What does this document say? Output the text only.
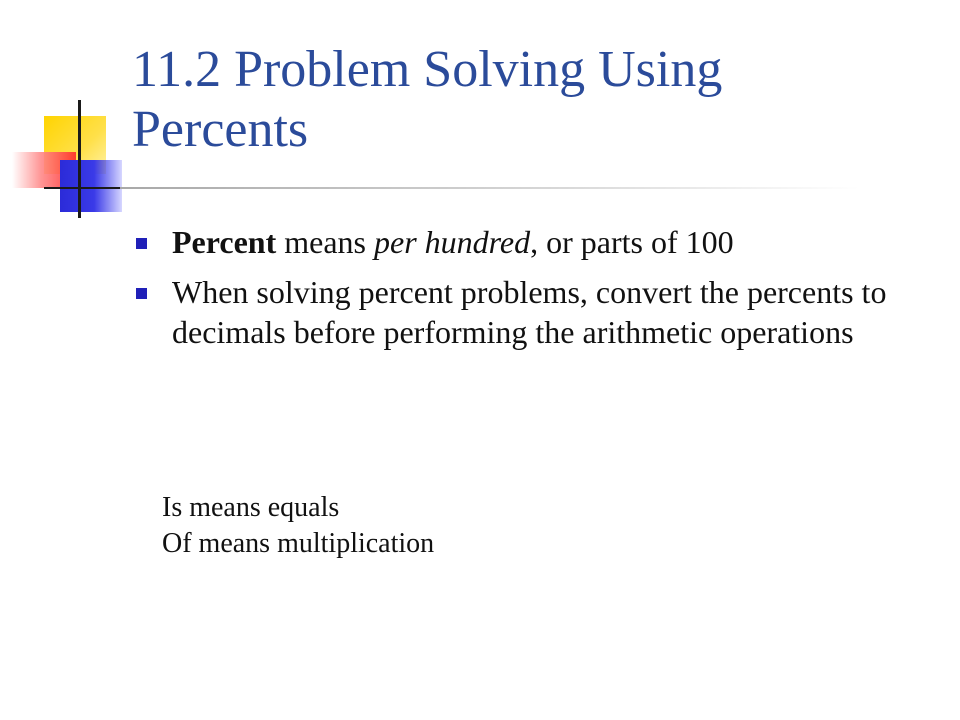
11.2 Problem Solving Using Percents
Percent means per hundred, or parts of 100
When solving percent problems, convert the percents to decimals before performing the arithmetic operations
Is means equals
Of means multiplication
